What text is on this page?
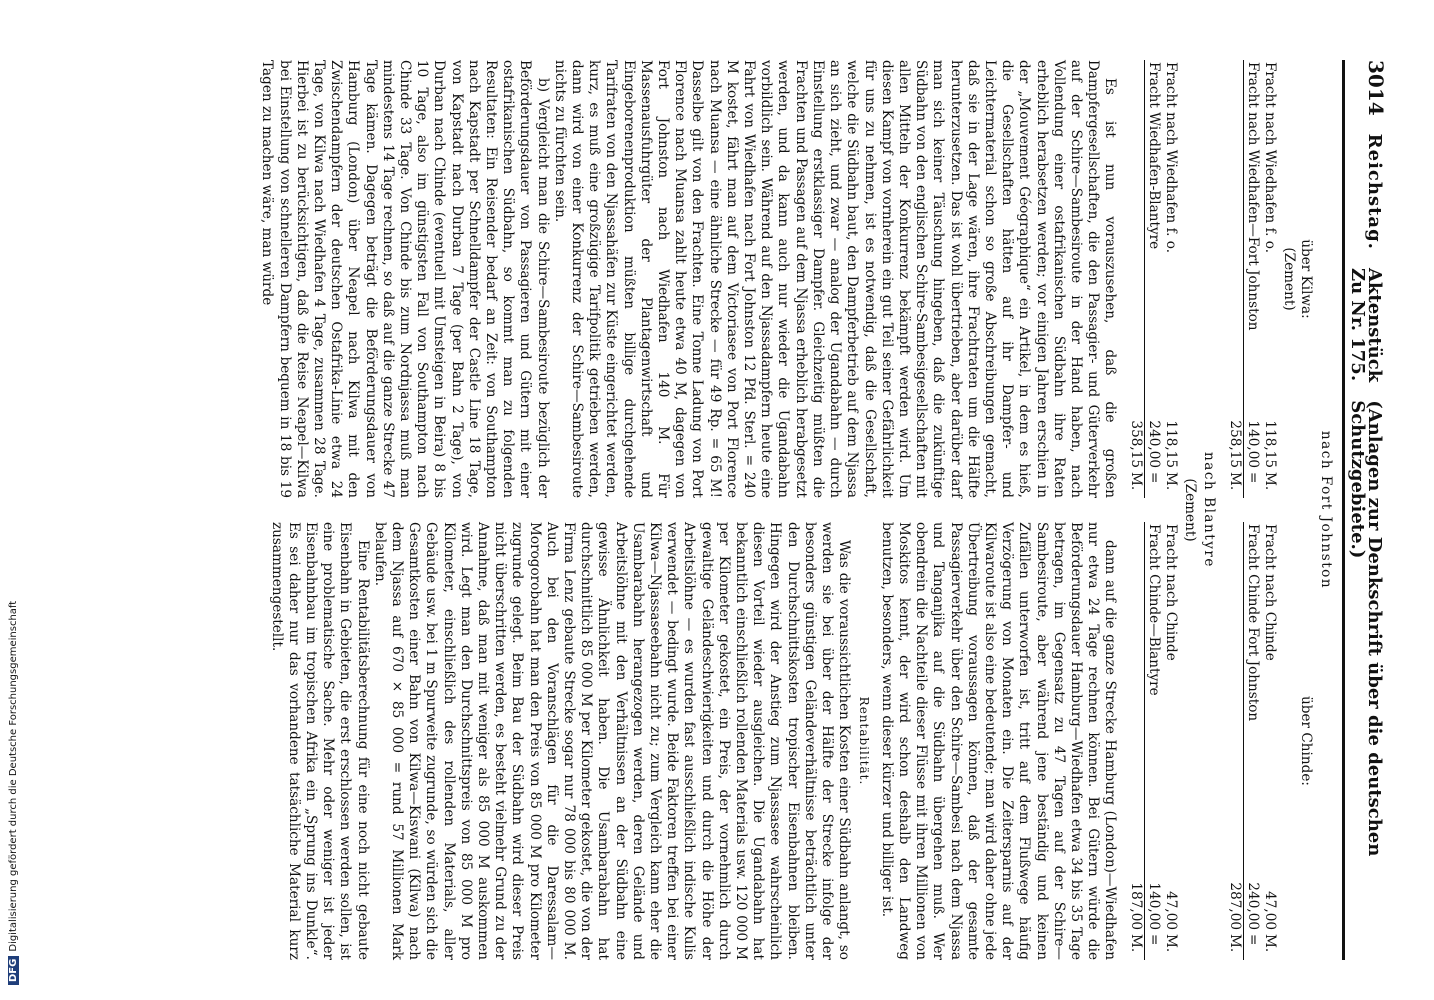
3014
Reichstag.
Aktenstück Zu Nr. 175.
(Anlagen zur Denkschrift über die deutschen Schutzgebiete.)
nach Fort Johnston
über Kilwa:
(Zement)
Fracht nach Wiedhafen f. o.	118,15	M.
Fracht nach Wiedhafen—Fort Johnston	140,00	=
	258,15	M.
über Chinde:

Fracht nach Chinde	47,00	M.
Fracht Chinde Fort Johnston	240,00	=
	287,00	M.
nach Blantyre
(Zement)
Fracht nach Wiedhafen f. o.	118,15	M.
Fracht Wiedhafen-Blantyre	240,00	=
	358,15	M.
Fracht nach Chinde	47,00	M.
Fracht Chinde—Blantyre	140,00	=
	187,00	M.

Es ist nun vorauszusehen, daß die großen Dampfergesellschaften, die den Passagier- und Güterverkehr auf der Schire—Sambesiroute in der Hand haben, nach Vollendung einer ostafrikanischen Südbahn ihre Raten erheblich herabsetzen werden; vor einigen Jahren erschien in der „Mouvement Géographique“ ein Artikel, in dem es hieß, die Gesellschaften hätten auf ihr Dampfer- und Leichtermaterial schon so große Abschreibungen gemacht, daß sie in der Lage wären, ihre Frachtraten um die Hälfte herunterzusetzen. Das ist wohl übertrieben, aber darüber darf man sich keiner Täuschung hingeben, daß die zukünftige Südbahn von den englischen Schire-Sambesigesellschaften mit allen Mitteln der Konkurrenz bekämpft werden wird. Um diesen Kampf von vornherein ein gut Teil seiner Gefährlichkeit für uns zu nehmen, ist es notwendig, daß die Gesellschaft, welche die Südbahn baut, den Dampferbetrieb auf dem Njassa an sich zieht, und zwar — analog der Ugandabahn — durch Einstellung erstklassiger Dampfer. Gleichzeitig müßten die Frachten und Passagen auf dem Njassa erheblich herabgesetzt werden, und da kann auch nur wieder die Ugandabahn vorbildlich sein. Während auf den Njassadampfern heute eine Fahrt von Wiedhafen nach Fort Johnston 12 Pfd. Sterl. = 240 M kostet, fährt man auf dem Victoriasee von Port Florence nach Muansa — eine ähnliche Strecke — für 49 Rp. = 65 M! Dasselbe gilt von den Frachten. Eine Tonne Ladung von Port Florence nach Muansa zahlt heute etwa 40 M, dagegen von Fort Johnston nach Wiedhafen 140 M. Für Massenausfuhrgüter der Plantagenwirtschaft und Eingeborenenproduktion müßten billige durchgehende Tarifraten von den Njassahäfen zur Küste eingerichtet werden, kurz, es muß eine großzügige Tarifpolitik getrieben werden, dann wird von einer Konkurrenz der Schire—Sambesiroute nichts zu fürchten sein.

b) Vergleicht man die Schire—Sambesiroute bezüglich der Beförderungsdauer von Passagieren und Gütern mit einer ostafrikanischen Südbahn, so kommt man zu folgenden Resultaten: Ein Reisender bedarf an Zeit: von Southampton nach Kapstadt per Schnelldampfer der Castle Line 18 Tage, von Kapstadt nach Durban 7 Tage (per Bahn 2 Tage), von Durban nach Chinde (eventuell mit Umsteigen in Beira) 8 bis 10 Tage, also im günstigsten Fall von Southampton nach Chinde 33 Tage. Von Chinde bis zum Nordnjassa muß man mindestens 14 Tage rechnen, so daß auf die ganze Strecke 47 Tage kämen. Dagegen beträgt die Beförderungsdauer von Hamburg (London) über Neapel nach Kilwa mit den Zwischendampfern der deutschen Ostafrika-Linie etwa 24 Tage, von Kilwa nach Wiedhafen 4 Tage, zusammen 28 Tage. Hierbei ist zu berücksichtigen, daß die Reise Neapel—Kilwa bei Einstellung von schnelleren Dampfern bequem in 18 bis 19 Tagen zu machen wäre, man würde

dann auf die ganze Strecke Hamburg (London)—Wiedhafen nur etwa 24 Tage rechnen können. Bei Gütern würde die Beförderungsdauer Hamburg—Wiedhafen etwa 34 bis 35 Tage betragen, im Gegensatz zu 47 Tagen auf der Schire—Sambesiroute, aber während jene beständig und keinen Zufällen unterworfen ist, tritt auf dem Flußwege häufig Verzögerung von Monaten ein. Die Zeitersparnis auf der Kilwaroute ist also eine bedeutende; man wird daher ohne jede Übertreibung voraussagen können, daß der gesamte Passagierverkehr über den Schire—Sambesi nach dem Njassa und Tanganjika auf die Südbahn übergehen muß. Wer obendrein die Nachteile dieser Flüsse mit ihren Millionen von Moskitos kennt, der wird schon deshalb den Landweg benutzen, besonders, wenn dieser kürzer und billiger ist.

Rentabilität.

Was die voraussichtlichen Kosten einer Südbahn anlangt, so werden sie bei über der Hälfte der Strecke infolge der besonders günstigen Geländeverhältnisse beträchtlich unter den Durchschnittskosten tropischer Eisenbahnen bleiben. Hingegen wird der Anstieg zum Njassasee wahrscheinlich diesen Vorteil wieder ausgleichen. Die Ugandabahn hat bekanntlich einschließlich rollenden Materials usw. 120 000 M per Kilometer gekostet, ein Preis, der vornehmlich durch gewaltige Geländeschwierigkeiten und durch die Höhe der Arbeitslöhne — es wurden fast ausschließlich indische Kulis verwendet — bedingt wurde. Beide Faktoren treffen bei einer Kilwa—Njassaseebahn nicht zu; zum Vergleich kann eher die Usambarabahn herangezogen werden, deren Gelände und Arbeitslöhne mit den Verhältnissen an der Südbahn eine gewisse Ähnlichkeit haben. Die Usambarabahn hat durchschnittlich 85 000 M per Kilometer gekostet, die von der Firma Lenz gebaute Strecke sogar nur 78 000 bis 80 000 M. Auch bei den Voranschlägen für die Daressalam—Morogorobahn hat man den Preis von 85 000 M pro Kilometer zugrunde gelegt. Beim Bau der Südbahn wird dieser Preis nicht überschritten werden, es besteht vielmehr Grund zu der Annahme, daß man mit weniger als 85 000 M auskommen wird. Legt man den Durchschnittspreis von 85 000 M pro Kilometer, einschließlich des rollenden Materials, aller Gebäude usw. bei 1 m Spurweite zugrunde, so würden sich die Gesamtkosten einer Bahn von Kilwa—Kiswani (Kilwa) nach dem Njassa auf 670 × 85 000 = rund 57 Millionen Mark belaufen.

Eine Rentabilitätsberechnung für eine noch nicht gebaute Eisenbahn in Gebieten, die erst erschlossen werden sollen, ist eine problematische Sache. Mehr oder weniger ist jeder Eisenbahnbau im tropischen Afrika ein „Sprung ins Dunkle“. Es sei daher nur das vorhandene tatsächliche Material kurz zusammengestellt.

DFGDigitalisierung gefördert durch die Deutsche Forschungsgemeinschaft
